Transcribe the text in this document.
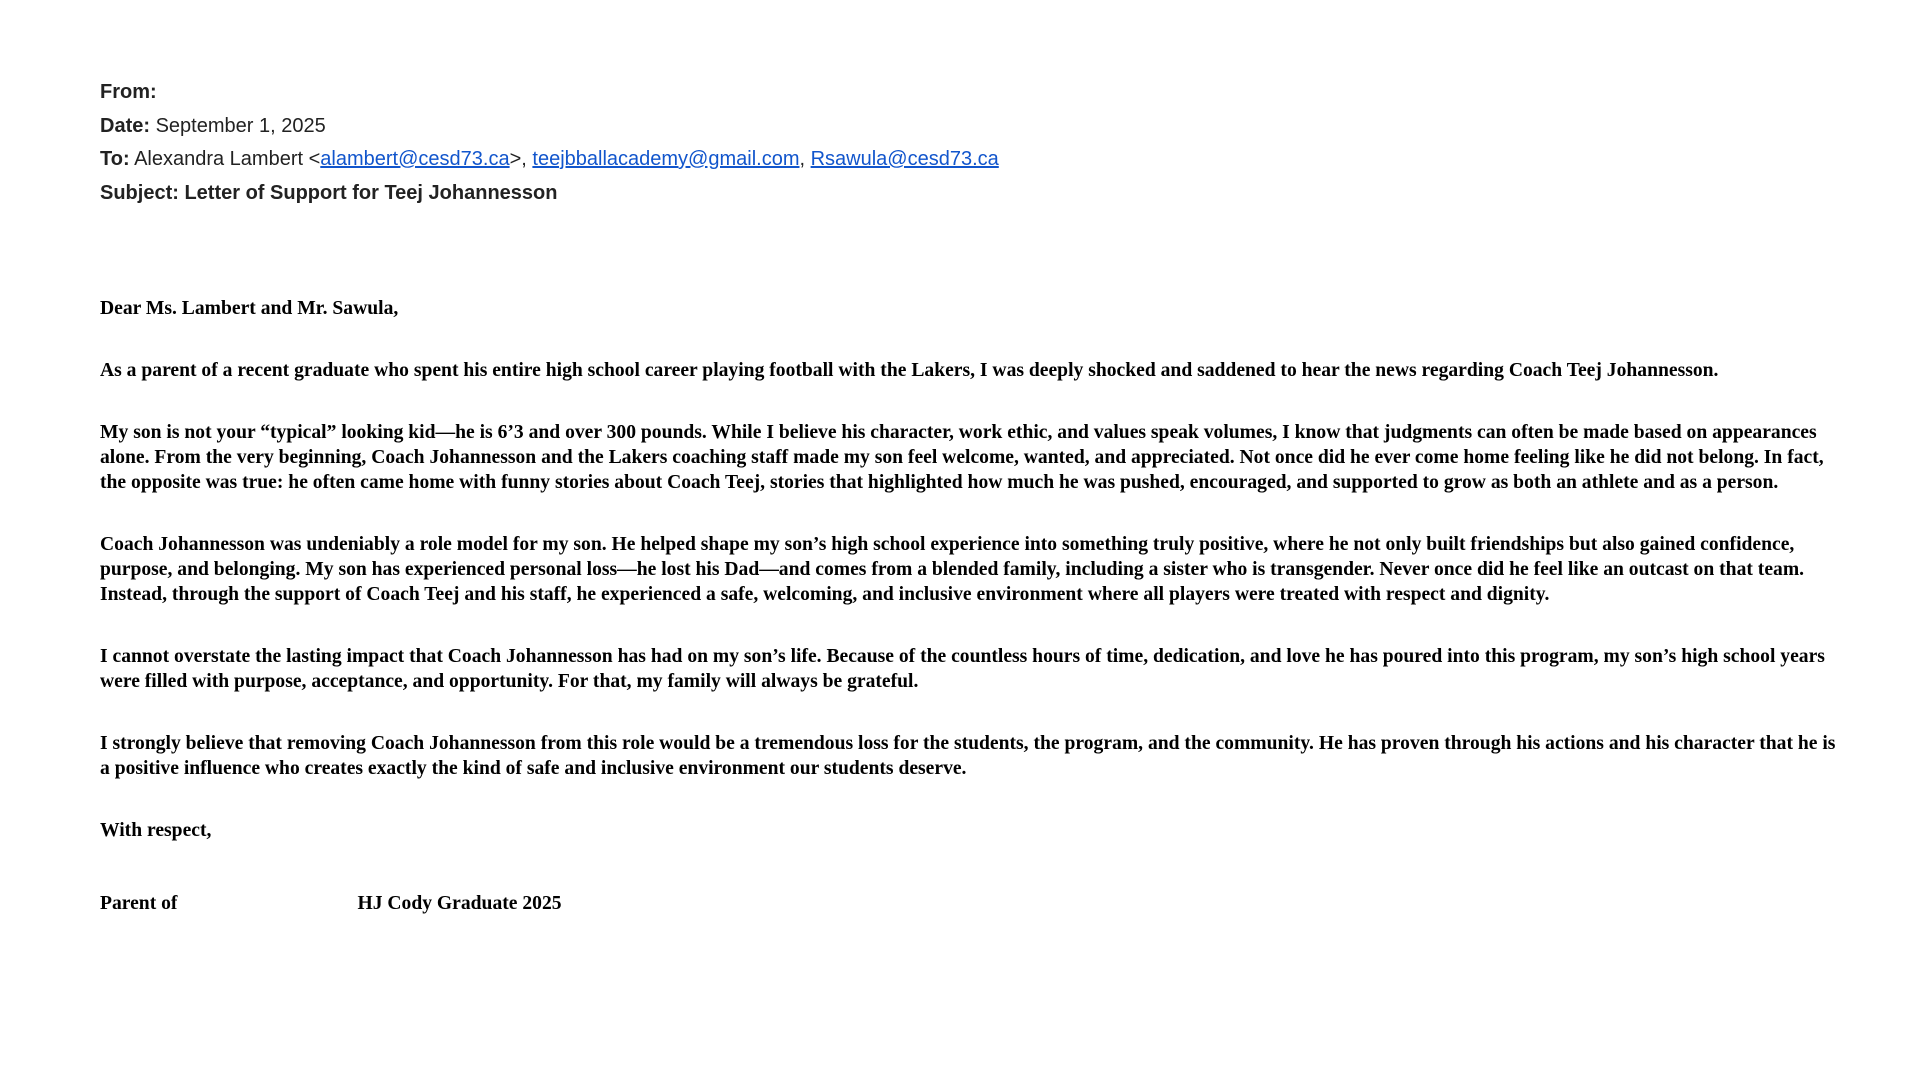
From:
Date: September 1, 2025
To: Alexandra Lambert <alambert@cesd73.ca>, teejbballacademy@gmail.com, Rsawula@cesd73.ca
Subject: Letter of Support for Teej Johannesson

Dear Ms. Lambert and Mr. Sawula,

As a parent of a recent graduate who spent his entire high school career playing football with the Lakers, I was deeply shocked and saddened to hear the news regarding Coach Teej Johannesson.

My son is not your “typical” looking kid—he is 6’3 and over 300 pounds. While I believe his character, work ethic, and values speak volumes, I know that judgments can often be made based on appearances alone. From the very beginning, Coach Johannesson and the Lakers coaching staff made my son feel welcome, wanted, and appreciated. Not once did he ever come home feeling like he did not belong. In fact, the opposite was true: he often came home with funny stories about Coach Teej, stories that highlighted how much he was pushed, encouraged, and supported to grow as both an athlete and as a person.

Coach Johannesson was undeniably a role model for my son. He helped shape my son’s high school experience into something truly positive, where he not only built friendships but also gained confidence, purpose, and belonging. My son has experienced personal loss—he lost his Dad—and comes from a blended family, including a sister who is transgender. Never once did he feel like an outcast on that team. Instead, through the support of Coach Teej and his staff, he experienced a safe, welcoming, and inclusive environment where all players were treated with respect and dignity.

I cannot overstate the lasting impact that Coach Johannesson has had on my son’s life. Because of the countless hours of time, dedication, and love he has poured into this program, my son’s high school years were filled with purpose, acceptance, and opportunity. For that, my family will always be grateful.

I strongly believe that removing Coach Johannesson from this role would be a tremendous loss for the students, the program, and the community. He has proven through his actions and his character that he is a positive influence who creates exactly the kind of safe and inclusive environment our students deserve.

With respect,

Parent of	HJ Cody Graduate 2025
